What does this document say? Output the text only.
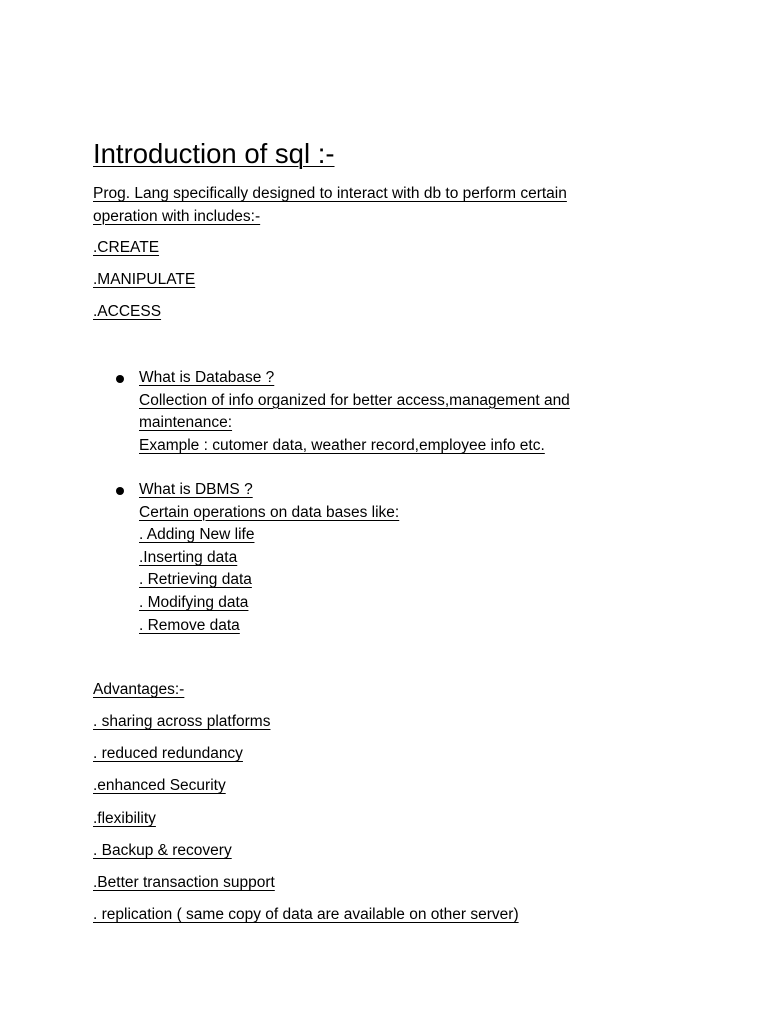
Introduction of sql :-
Prog. Lang specifically designed to interact with db to perform certain operation with includes:-
.CREATE
.MANIPULATE
.ACCESS
What is Database ?
Collection of info organized for better access,management and maintenance:
Example : cutomer data, weather record,employee info etc.
What is DBMS ?
Certain operations on data bases like:
. Adding New life
.Inserting data
. Retrieving data
. Modifying data
. Remove data
Advantages:-
. sharing across platforms
. reduced redundancy
.enhanced Security
.flexibility
. Backup & recovery
.Better transaction support
. replication ( same copy of data are available on other server)
